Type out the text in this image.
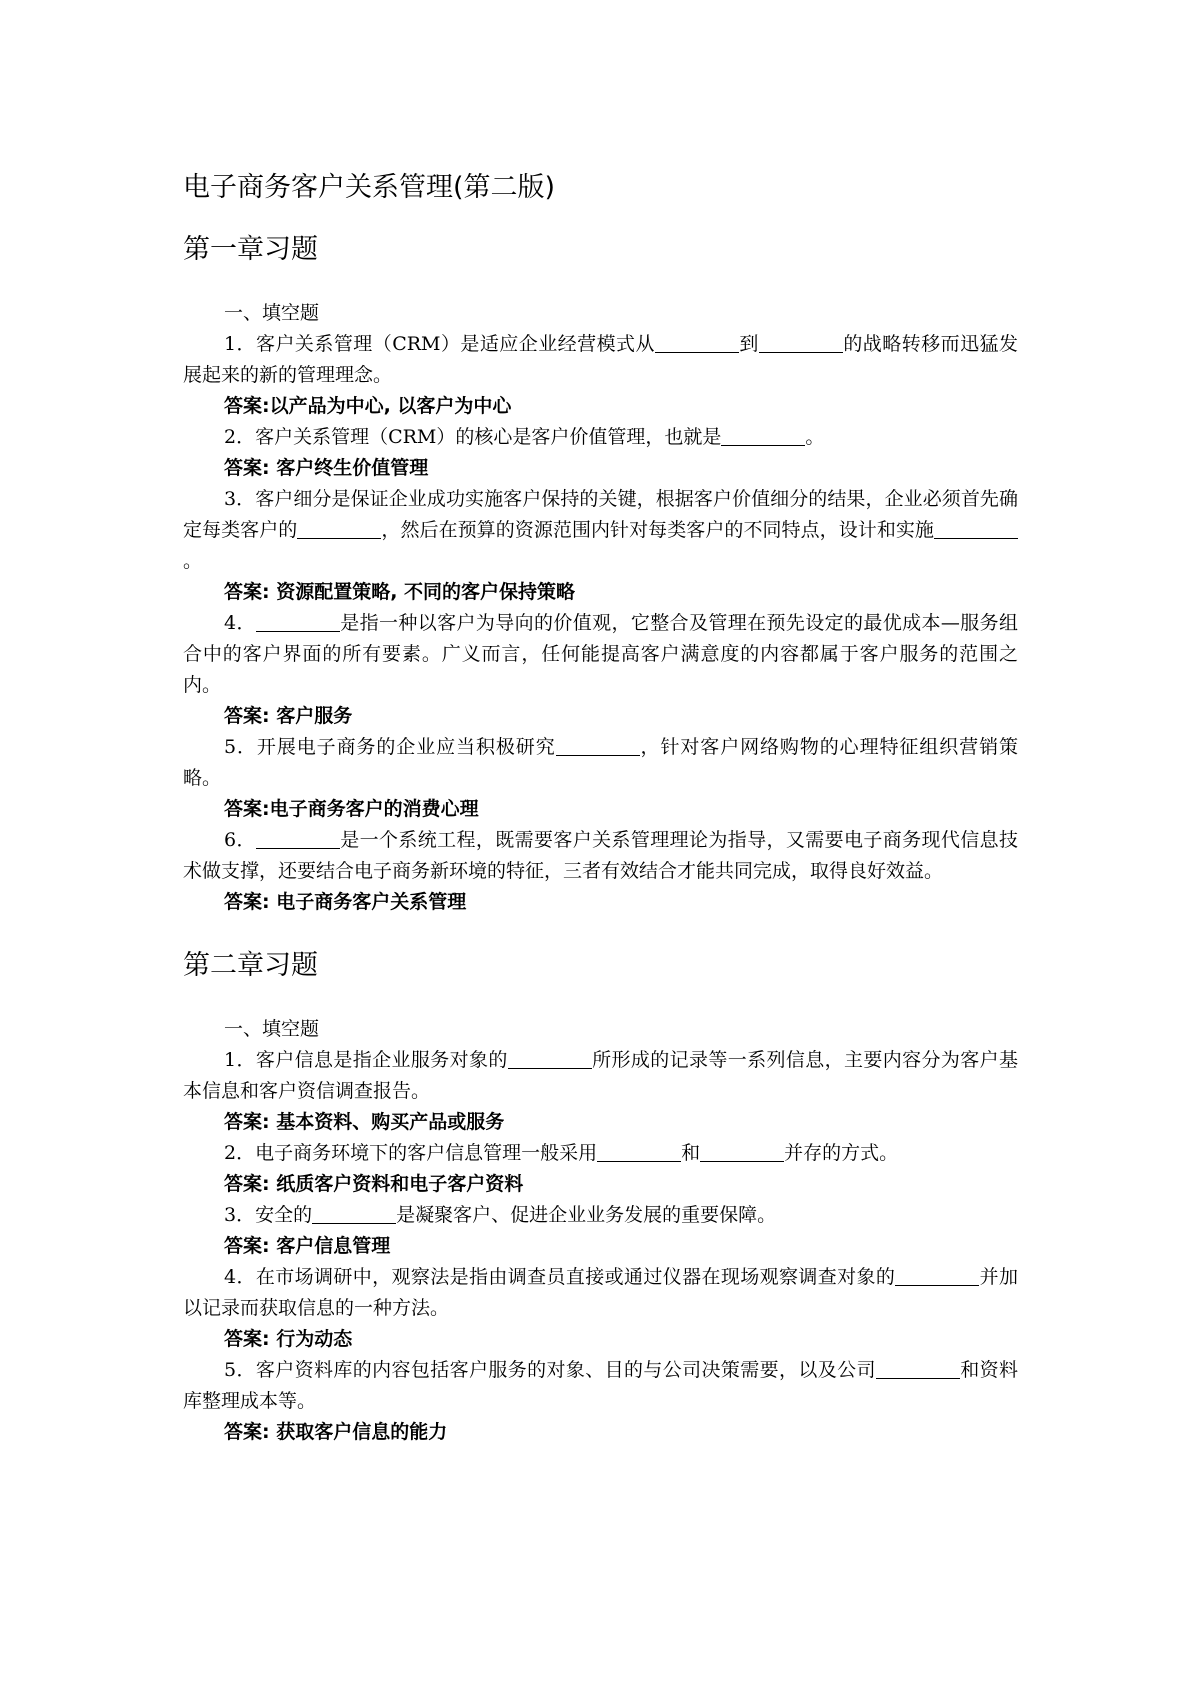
电子商务客户关系管理(第二版)
第一章习题
一、填空题

1．客户关系管理（CRM）是适应企业经营模式从	到	的战略转移而迅猛发展起来的新的管理理念。

答案:以产品为中心, 以客户为中心

2．客户关系管理（CRM）的核心是客户价值管理，也就是	。

答案: 客户终生价值管理

3．客户细分是保证企业成功实施客户保持的关键，根据客户价值细分的结果，企业必须首先确定每类客户的	，然后在预算的资源范围内针对每类客户的不同特点，设计和实施。

答案: 资源配置策略, 不同的客户保持策略

4．	是指一种以客户为导向的价值观，它整合及管理在预先设定的最优成本—服务组合中的客户界面的所有要素。广义而言，任何能提高客户满意度的内容都属于客户服务的范围之内。

答案: 客户服务

5．开展电子商务的企业应当积极研究	，针对客户网络购物的心理特征组织营销策略。

答案:电子商务客户的消费心理

6．	是一个系统工程，既需要客户关系管理理论为指导，又需要电子商务现代信息技术做支撑，还要结合电子商务新环境的特征，三者有效结合才能共同完成，取得良好效益。

答案: 电子商务客户关系管理
第二章习题
一、填空题

1．客户信息是指企业服务对象的	所形成的记录等一系列信息，主要内容分为客户基本信息和客户资信调查报告。

答案: 基本资料、购买产品或服务

2．电子商务环境下的客户信息管理一般采用	和	并存的方式。

答案: 纸质客户资料和电子客户资料

3．安全的	是凝聚客户、促进企业业务发展的重要保障。

答案: 客户信息管理

4．在市场调研中，观察法是指由调查员直接或通过仪器在现场观察调查对象的	并加以记录而获取信息的一种方法。

答案: 行为动态

5．客户资料库的内容包括客户服务的对象、目的与公司决策需要，以及公司	和资料库整理成本等。

答案: 获取客户信息的能力
